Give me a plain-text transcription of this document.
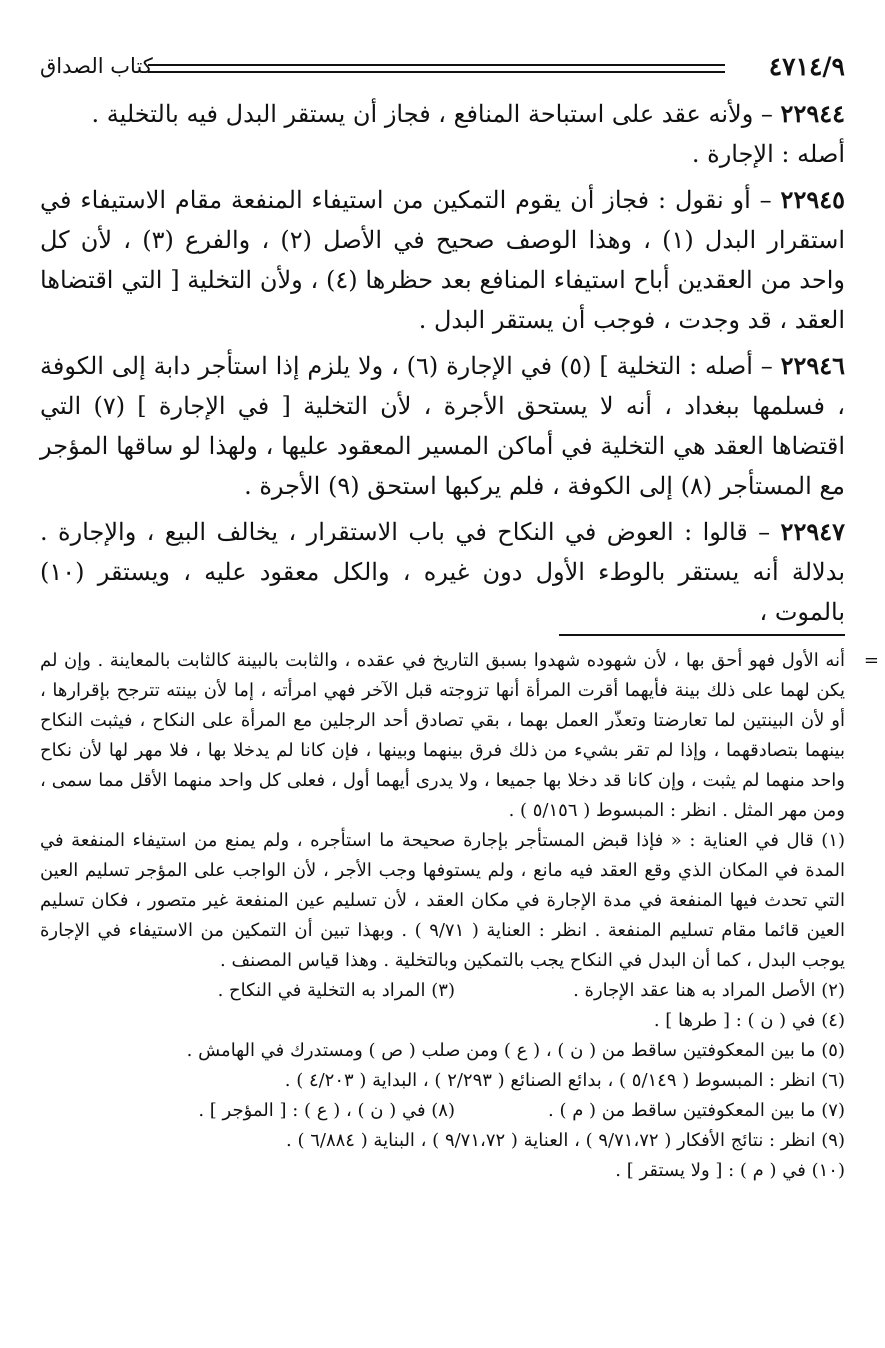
٤٧١٤/٩
كتاب الصداق

٢٢٩٤٤ – ولأنه عقد على استباحة المنافع ، فجاز أن يستقر البدل فيه بالتخلية .

أصله : الإجارة .

٢٢٩٤٥ – أو نقول : فجاز أن يقوم التمكين من استيفاء المنفعة مقام الاستيفاء في استقرار البدل (١) ، وهذا الوصف صحيح في الأصل (٢) ، والفرع (٣) ، لأن كل واحد من العقدين أباح استيفاء المنافع بعد حظرها (٤) ، ولأن التخلية [ التي اقتضاها العقد ، قد وجدت ، فوجب أن يستقر البدل .

٢٢٩٤٦ – أصله : التخلية ] (٥) في الإجارة (٦) ، ولا يلزم إذا استأجر دابة إلى الكوفة ، فسلمها ببغداد ، أنه لا يستحق الأجرة ، لأن التخلية [ في الإجارة ] (٧) التي اقتضاها العقد هي التخلية في أماكن المسير المعقود عليها ، ولهذا لو ساقها المؤجر مع المستأجر (٨) إلى الكوفة ، فلم يركبها استحق (٩) الأجرة .

٢٢٩٤٧ – قالوا : العوض في النكاح في باب الاستقرار ، يخالف البيع ، والإجارة . بدلالة أنه يستقر بالوطء الأول دون غيره ، والكل معقود عليه ، ويستقر (١٠) بالموت ،

=
أنه الأول فهو أحق بها ، لأن شهوده شهدوا بسبق التاريخ في عقده ، والثابت بالبينة كالثابت بالمعاينة . وإن لم يكن لهما على ذلك بينة فأيهما أقرت المرأة أنها تزوجته قبل الآخر فهي امرأته ، إما لأن بينته تترجح بإقرارها ، أو لأن البينتين لما تعارضتا وتعذّر العمل بهما ، بقي تصادق أحد الرجلين مع المرأة على النكاح ، فيثبت النكاح بينهما بتصادقهما ، وإذا لم تقر بشيء من ذلك فرق بينهما وبينها ، فإن كانا لم يدخلا بها ، فلا مهر لها لأن نكاح واحد منهما لم يثبت ، وإن كانا قد دخلا بها جميعا ، ولا يدرى أيهما أول ، فعلى كل واحد منهما الأقل مما سمى ، ومن مهر المثل . انظر : المبسوط ( ٥/١٥٦ ) .
(١) قال في العناية : « فإذا قبض المستأجر بإجارة صحيحة ما استأجره ، ولم يمنع من استيفاء المنفعة في المدة في المكان الذي وقع العقد فيه مانع ، ولم يستوفها وجب الأجر ، لأن الواجب على المؤجر تسليم العين التي تحدث فيها المنفعة في مدة الإجارة في مكان العقد ، لأن تسليم عين المنفعة غير متصور ، فكان تسليم العين قائما مقام تسليم المنفعة . انظر : العناية ( ٩/٧١ ) . وبهذا تبين أن التمكين من الاستيفاء في الإجارة يوجب البدل ، كما أن البدل في النكاح يجب بالتمكين وبالتخلية . وهذا قياس المصنف .
(٢) الأصل المراد به هنا عقد الإجارة .
(٣) المراد به التخلية في النكاح .
(٤) في ( ن ) : [ طرها ] .
(٥) ما بين المعكوفتين ساقط من ( ن ) ، ( ع ) ومن صلب ( ص ) ومستدرك في الهامش .
(٦) انظر : المبسوط ( ٥/١٤٩ ) ، بدائع الصنائع ( ٢/٢٩٣ ) ، البداية ( ٤/٢٠٣ ) .
(٧) ما بين المعكوفتين ساقط من ( م ) .
(٨) في ( ن ) ، ( ع ) : [ المؤجر ] .
(٩) انظر : نتائج الأفكار ( ٩/٧١،٧٢ ) ، العناية ( ٩/٧١،٧٢ ) ، البناية ( ٦/٨٨٤ ) .
(١٠) في ( م ) : [ ولا يستقر ] .
